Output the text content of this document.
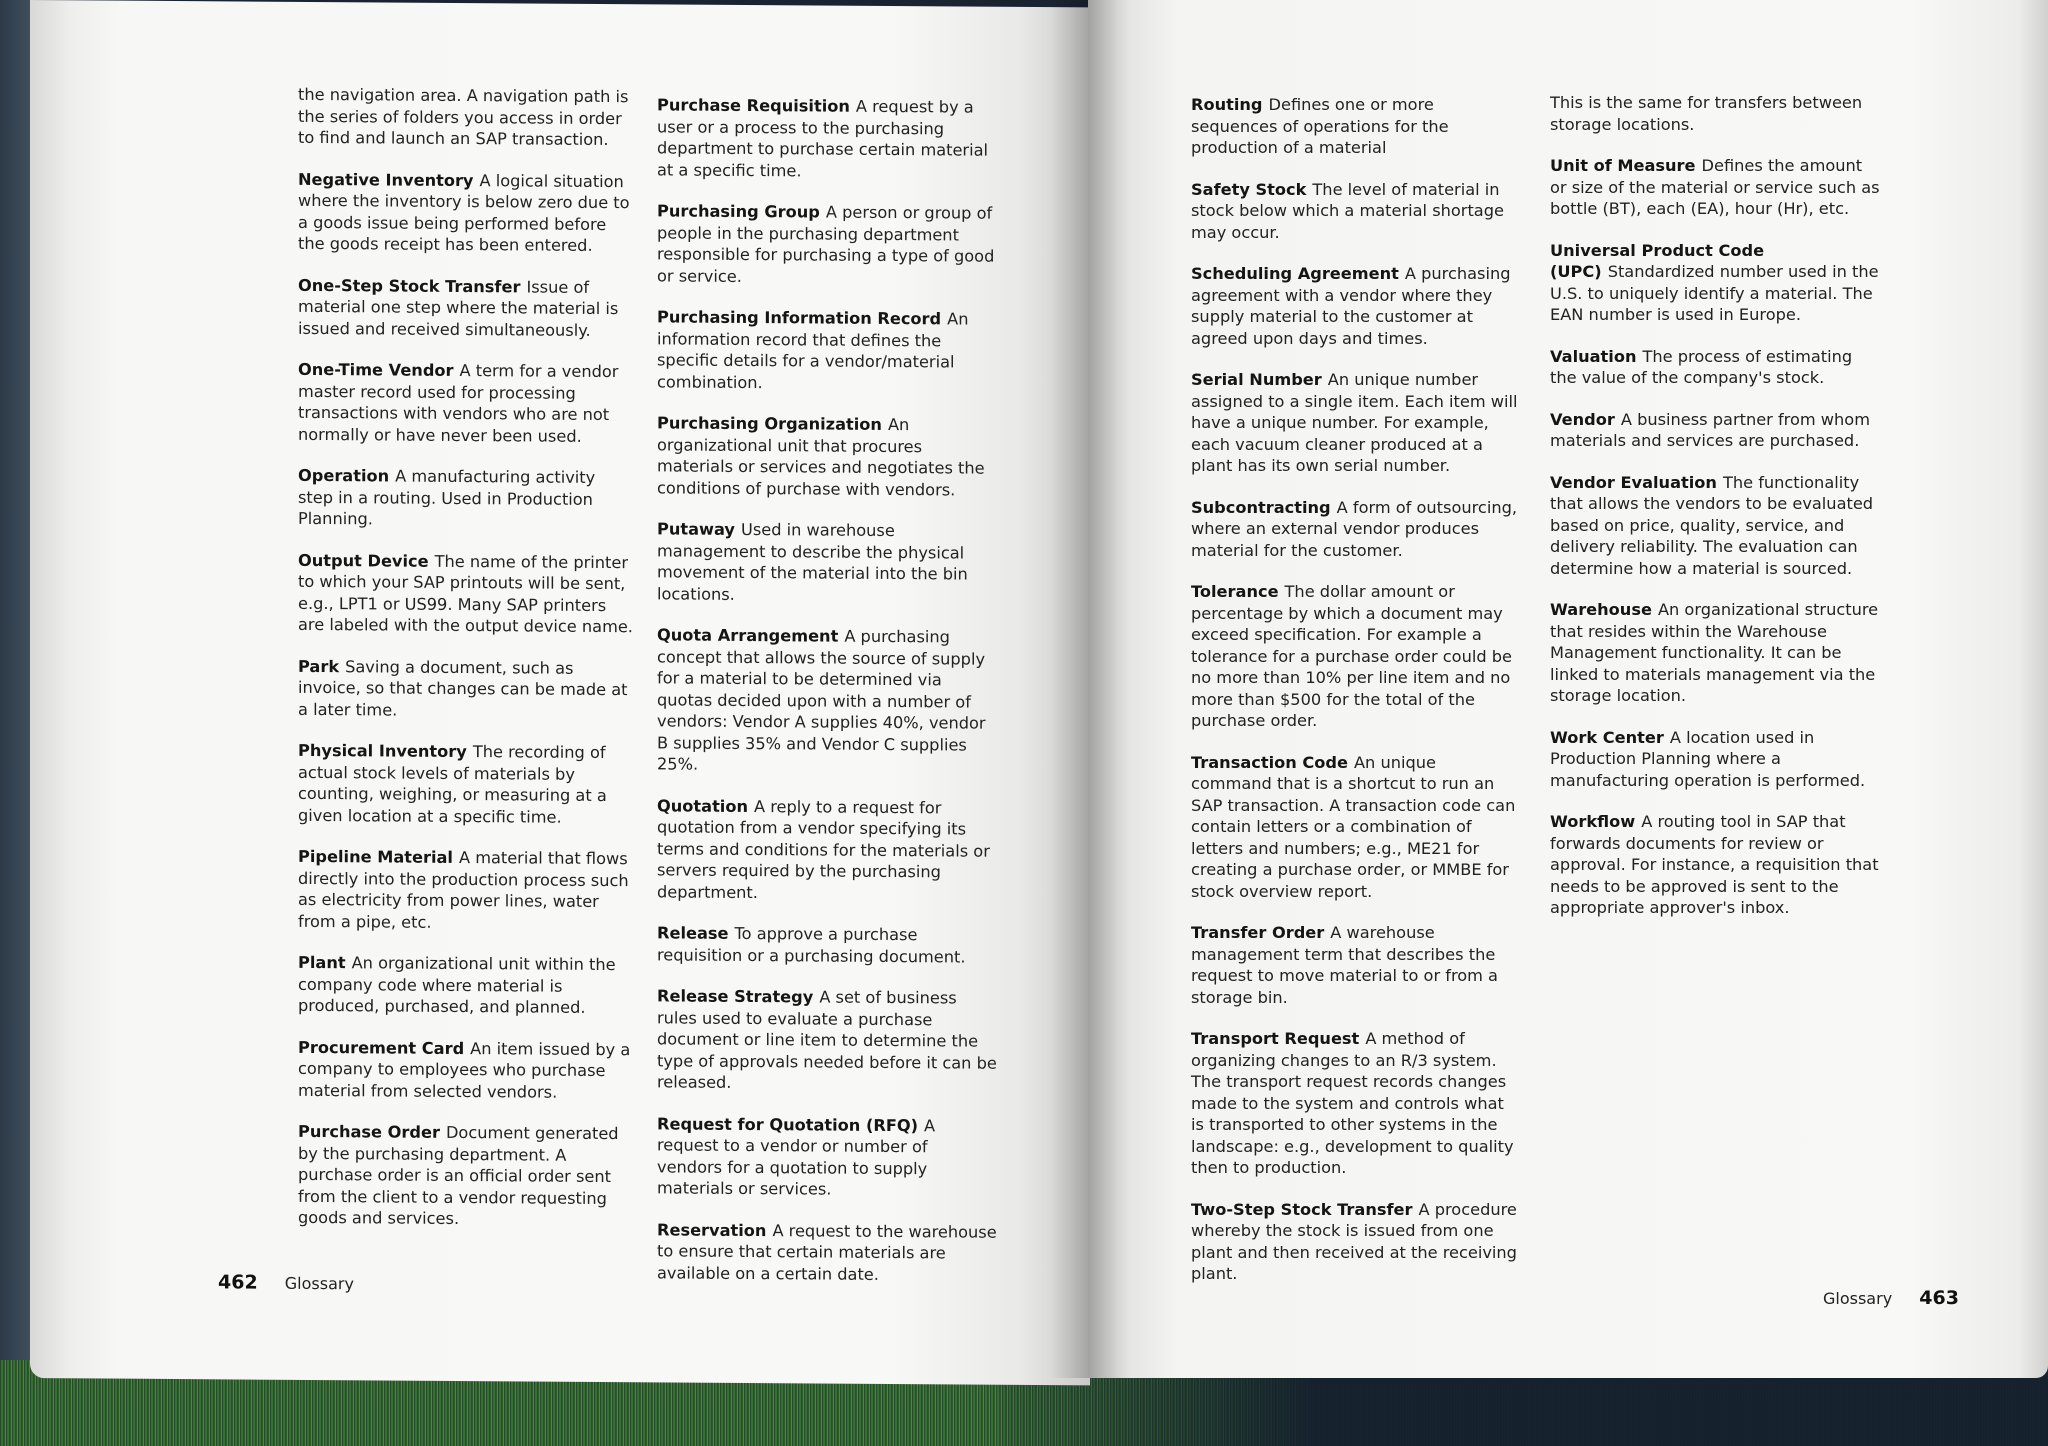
the navigation area. A navigation path is the series of folders you access in order to find and launch an SAP transaction.

Negative Inventory A logical situation where the inventory is below zero due to a goods issue being performed before the goods receipt has been entered.

One-Step Stock Transfer Issue of material one step where the material is issued and received simultaneously.

One-Time Vendor A term for a vendor master record used for processing transactions with vendors who are not normally or have never been used.

Operation A manufacturing activity step in a routing. Used in Production Planning.

Output Device The name of the printer to which your SAP printouts will be sent, e.g., LPT1 or US99. Many SAP printers are labeled with the output device name.

Park Saving a document, such as invoice, so that changes can be made at a later time.

Physical Inventory The recording of actual stock levels of materials by counting, weighing, or measuring at a given location at a specific time.

Pipeline Material A material that flows directly into the production process such as electricity from power lines, water from a pipe, etc.

Plant An organizational unit within the company code where material is produced, purchased, and planned.

Procurement Card An item issued by a company to employees who purchase material from selected vendors.

Purchase Order Document generated by the purchasing department. A purchase order is an official order sent from the client to a vendor requesting goods and services.

Purchase Requisition A request by a user or a process to the purchasing department to purchase certain material at a specific time.

Purchasing Group A person or group of people in the purchasing department responsible for purchasing a type of good or service.

Purchasing Information Record An information record that defines the specific details for a vendor/material combination.

Purchasing Organization An organizational unit that procures materials or services and negotiates the conditions of purchase with vendors.

Putaway Used in warehouse management to describe the physical movement of the material into the bin locations.

Quota Arrangement A purchasing concept that allows the source of supply for a material to be determined via quotas decided upon with a number of vendors: Vendor A supplies 40%, vendor B supplies 35% and Vendor C supplies 25%.

Quotation A reply to a request for quotation from a vendor specifying its terms and conditions for the materials or servers required by the purchasing department.

Release To approve a purchase requisition or a purchasing document.

Release Strategy A set of business rules used to evaluate a purchase document or line item to determine the type of approvals needed before it can be released.

Request for Quotation (RFQ) A request to a vendor or number of vendors for a quotation to supply materials or services.

Reservation A request to the warehouse to ensure that certain materials are available on a certain date.

462 Glossary

Routing Defines one or more sequences of operations for the production of a material

Safety Stock The level of material in stock below which a material shortage may occur.

Scheduling Agreement A purchasing agreement with a vendor where they supply material to the customer at agreed upon days and times.

Serial Number An unique number assigned to a single item. Each item will have a unique number. For example, each vacuum cleaner produced at a plant has its own serial number.

Subcontracting A form of outsourcing, where an external vendor produces material for the customer.

Tolerance The dollar amount or percentage by which a document may exceed specification. For example a tolerance for a purchase order could be no more than 10% per line item and no more than $500 for the total of the purchase order.

Transaction Code An unique command that is a shortcut to run an SAP transaction. A transaction code can contain letters or a combination of letters and numbers; e.g., ME21 for creating a purchase order, or MMBE for stock overview report.

Transfer Order A warehouse management term that describes the request to move material to or from a storage bin.

Transport Request A method of organizing changes to an R/3 system. The transport request records changes made to the system and controls what is transported to other systems in the landscape: e.g., development to quality then to production.

Two-Step Stock Transfer A procedure whereby the stock is issued from one plant and then received at the receiving plant.

This is the same for transfers between storage locations.

Unit of Measure Defines the amount or size of the material or service such as bottle (BT), each (EA), hour (Hr), etc.

Universal Product Code (UPC) Standardized number used in the U.S. to uniquely identify a material. The EAN number is used in Europe.

Valuation The process of estimating the value of the company's stock.

Vendor A business partner from whom materials and services are purchased.

Vendor Evaluation The functionality that allows the vendors to be evaluated based on price, quality, service, and delivery reliability. The evaluation can determine how a material is sourced.

Warehouse An organizational structure that resides within the Warehouse Management functionality. It can be linked to materials management via the storage location.

Work Center A location used in Production Planning where a manufacturing operation is performed.

Workflow A routing tool in SAP that forwards documents for review or approval. For instance, a requisition that needs to be approved is sent to the appropriate approver's inbox.

Glossary 463
